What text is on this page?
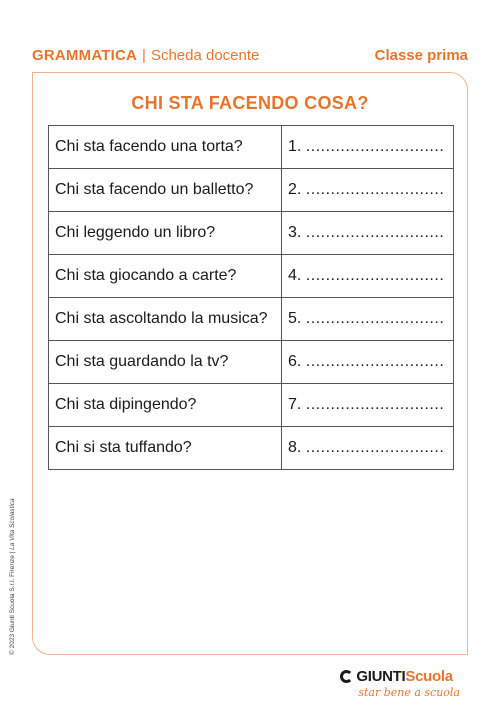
GRAMMATICA | Scheda docente	Classe prima
CHI STA FACENDO COSA?
Chi sta facendo una torta?	1. ............................
Chi sta facendo un balletto?	2. ............................
Chi leggendo un libro?	3. ............................
Chi sta giocando a carte?	4. ............................
Chi sta ascoltando la musica?	5. ............................
Chi sta guardando la tv?	6. ............................
Chi sta dipingendo?	7. ............................
Chi si sta tuffando?	8. ............................
© 2023 Giunti Scuola S.r.l. Firenze | La Vita Scolastica
GIUNTI Scuola
star bene a scuola
